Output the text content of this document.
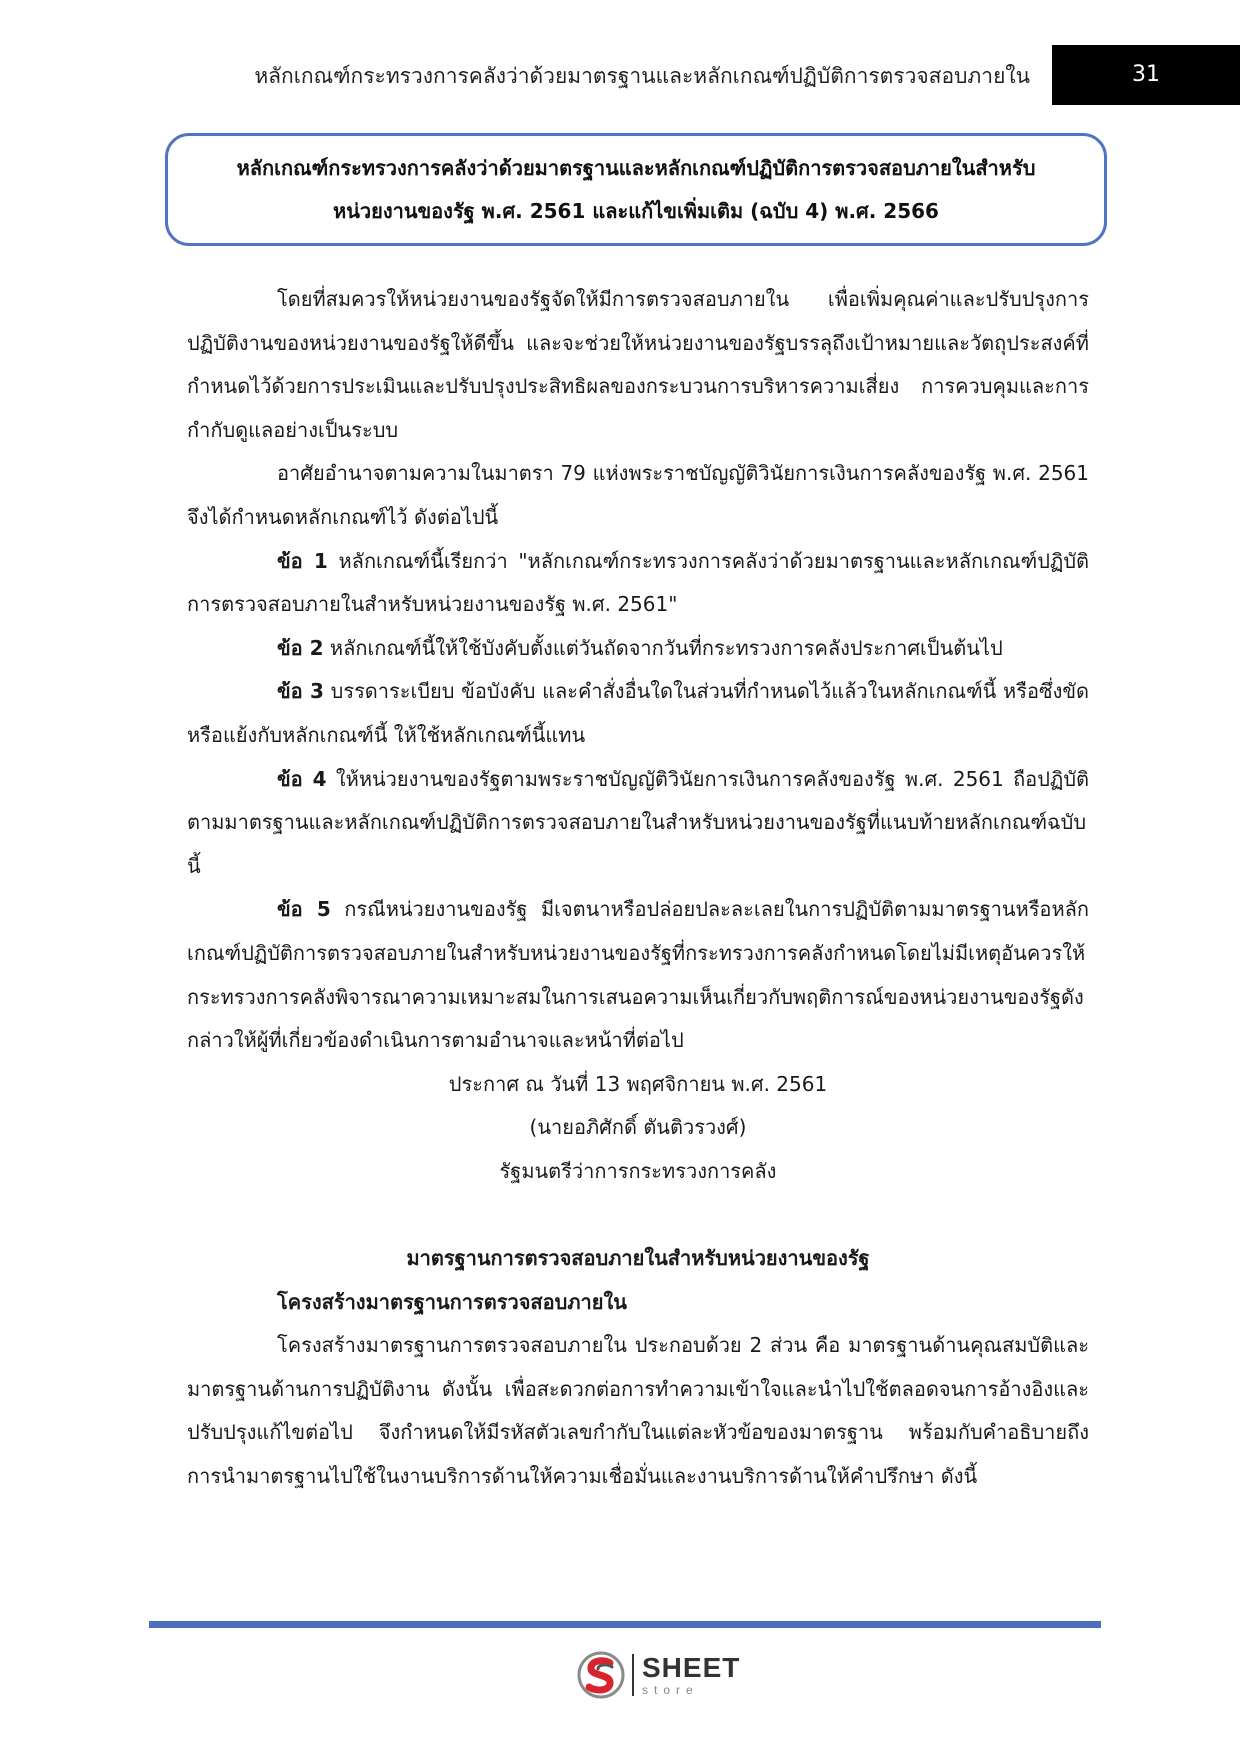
หลักเกณฑ์กระทรวงการคลังว่าด้วยมาตรฐานและหลักเกณฑ์ปฏิบัติการตรวจสอบภายใน	31
หลักเกณฑ์กระทรวงการคลังว่าด้วยมาตรฐานและหลักเกณฑ์ปฏิบัติการตรวจสอบภายในสำหรับ
หน่วยงานของรัฐ พ.ศ. 2561 และแก้ไขเพิ่มเติม (ฉบับ 4) พ.ศ. 2566

โดยที่สมควรให้หน่วยงานของรัฐจัดให้มีการตรวจสอบภายใน เพื่อเพิ่มคุณค่าและปรับปรุงการปฏิบัติงานของหน่วยงานของรัฐให้ดีขึ้น และจะช่วยให้หน่วยงานของรัฐบรรลุถึงเป้าหมายและวัตถุประสงค์ที่กำหนดไว้ด้วยการประเมินและปรับปรุงประสิทธิผลของกระบวนการบริหารความเสี่ยง การควบคุมและการกำกับดูแลอย่างเป็นระบบ

อาศัยอำนาจตามความในมาตรา 79 แห่งพระราชบัญญัติวินัยการเงินการคลังของรัฐ พ.ศ. 2561 จึงได้กำหนดหลักเกณฑ์ไว้ ดังต่อไปนี้

ข้อ 1 หลักเกณฑ์นี้เรียกว่า "หลักเกณฑ์กระทรวงการคลังว่าด้วยมาตรฐานและหลักเกณฑ์ปฏิบัติการตรวจสอบภายในสำหรับหน่วยงานของรัฐ พ.ศ. 2561"

ข้อ 2 หลักเกณฑ์นี้ให้ใช้บังคับตั้งแต่วันถัดจากวันที่กระทรวงการคลังประกาศเป็นต้นไป

ข้อ 3 บรรดาระเบียบ ข้อบังคับ และคำสั่งอื่นใดในส่วนที่กำหนดไว้แล้วในหลักเกณฑ์นี้ หรือซึ่งขัดหรือแย้งกับหลักเกณฑ์นี้ ให้ใช้หลักเกณฑ์นี้แทน

ข้อ 4 ให้หน่วยงานของรัฐตามพระราชบัญญัติวินัยการเงินการคลังของรัฐ พ.ศ. 2561 ถือปฏิบัติตามมาตรฐานและหลักเกณฑ์ปฏิบัติการตรวจสอบภายในสำหรับหน่วยงานของรัฐที่แนบท้ายหลักเกณฑ์ฉบับนี้

ข้อ 5 กรณีหน่วยงานของรัฐ มีเจตนาหรือปล่อยปละละเลยในการปฏิบัติตามมาตรฐานหรือหลักเกณฑ์ปฏิบัติการตรวจสอบภายในสำหรับหน่วยงานของรัฐที่กระทรวงการคลังกำหนดโดยไม่มีเหตุอันควรให้กระทรวงการคลังพิจารณาความเหมาะสมในการเสนอความเห็นเกี่ยวกับพฤติการณ์ของหน่วยงานของรัฐดังกล่าวให้ผู้ที่เกี่ยวข้องดำเนินการตามอำนาจและหน้าที่ต่อไป

ประกาศ ณ วันที่ 13 พฤศจิกายน พ.ศ. 2561

(นายอภิศักดิ์ ตันติวรวงศ์)

รัฐมนตรีว่าการกระทรวงการคลัง

มาตรฐานการตรวจสอบภายในสำหรับหน่วยงานของรัฐ

โครงสร้างมาตรฐานการตรวจสอบภายใน

โครงสร้างมาตรฐานการตรวจสอบภายใน ประกอบด้วย 2 ส่วน คือ มาตรฐานด้านคุณสมบัติและมาตรฐานด้านการปฏิบัติงาน ดังนั้น เพื่อสะดวกต่อการทำความเข้าใจและนำไปใช้ตลอดจนการอ้างอิงและปรับปรุงแก้ไขต่อไป จึงกำหนดให้มีรหัสตัวเลขกำกับในแต่ละหัวข้อของมาตรฐาน พร้อมกับคำอธิบายถึงการนำมาตรฐานไปใช้ในงานบริการด้านให้ความเชื่อมั่นและงานบริการด้านให้คำปรึกษา ดังนี้

SHEET
store
